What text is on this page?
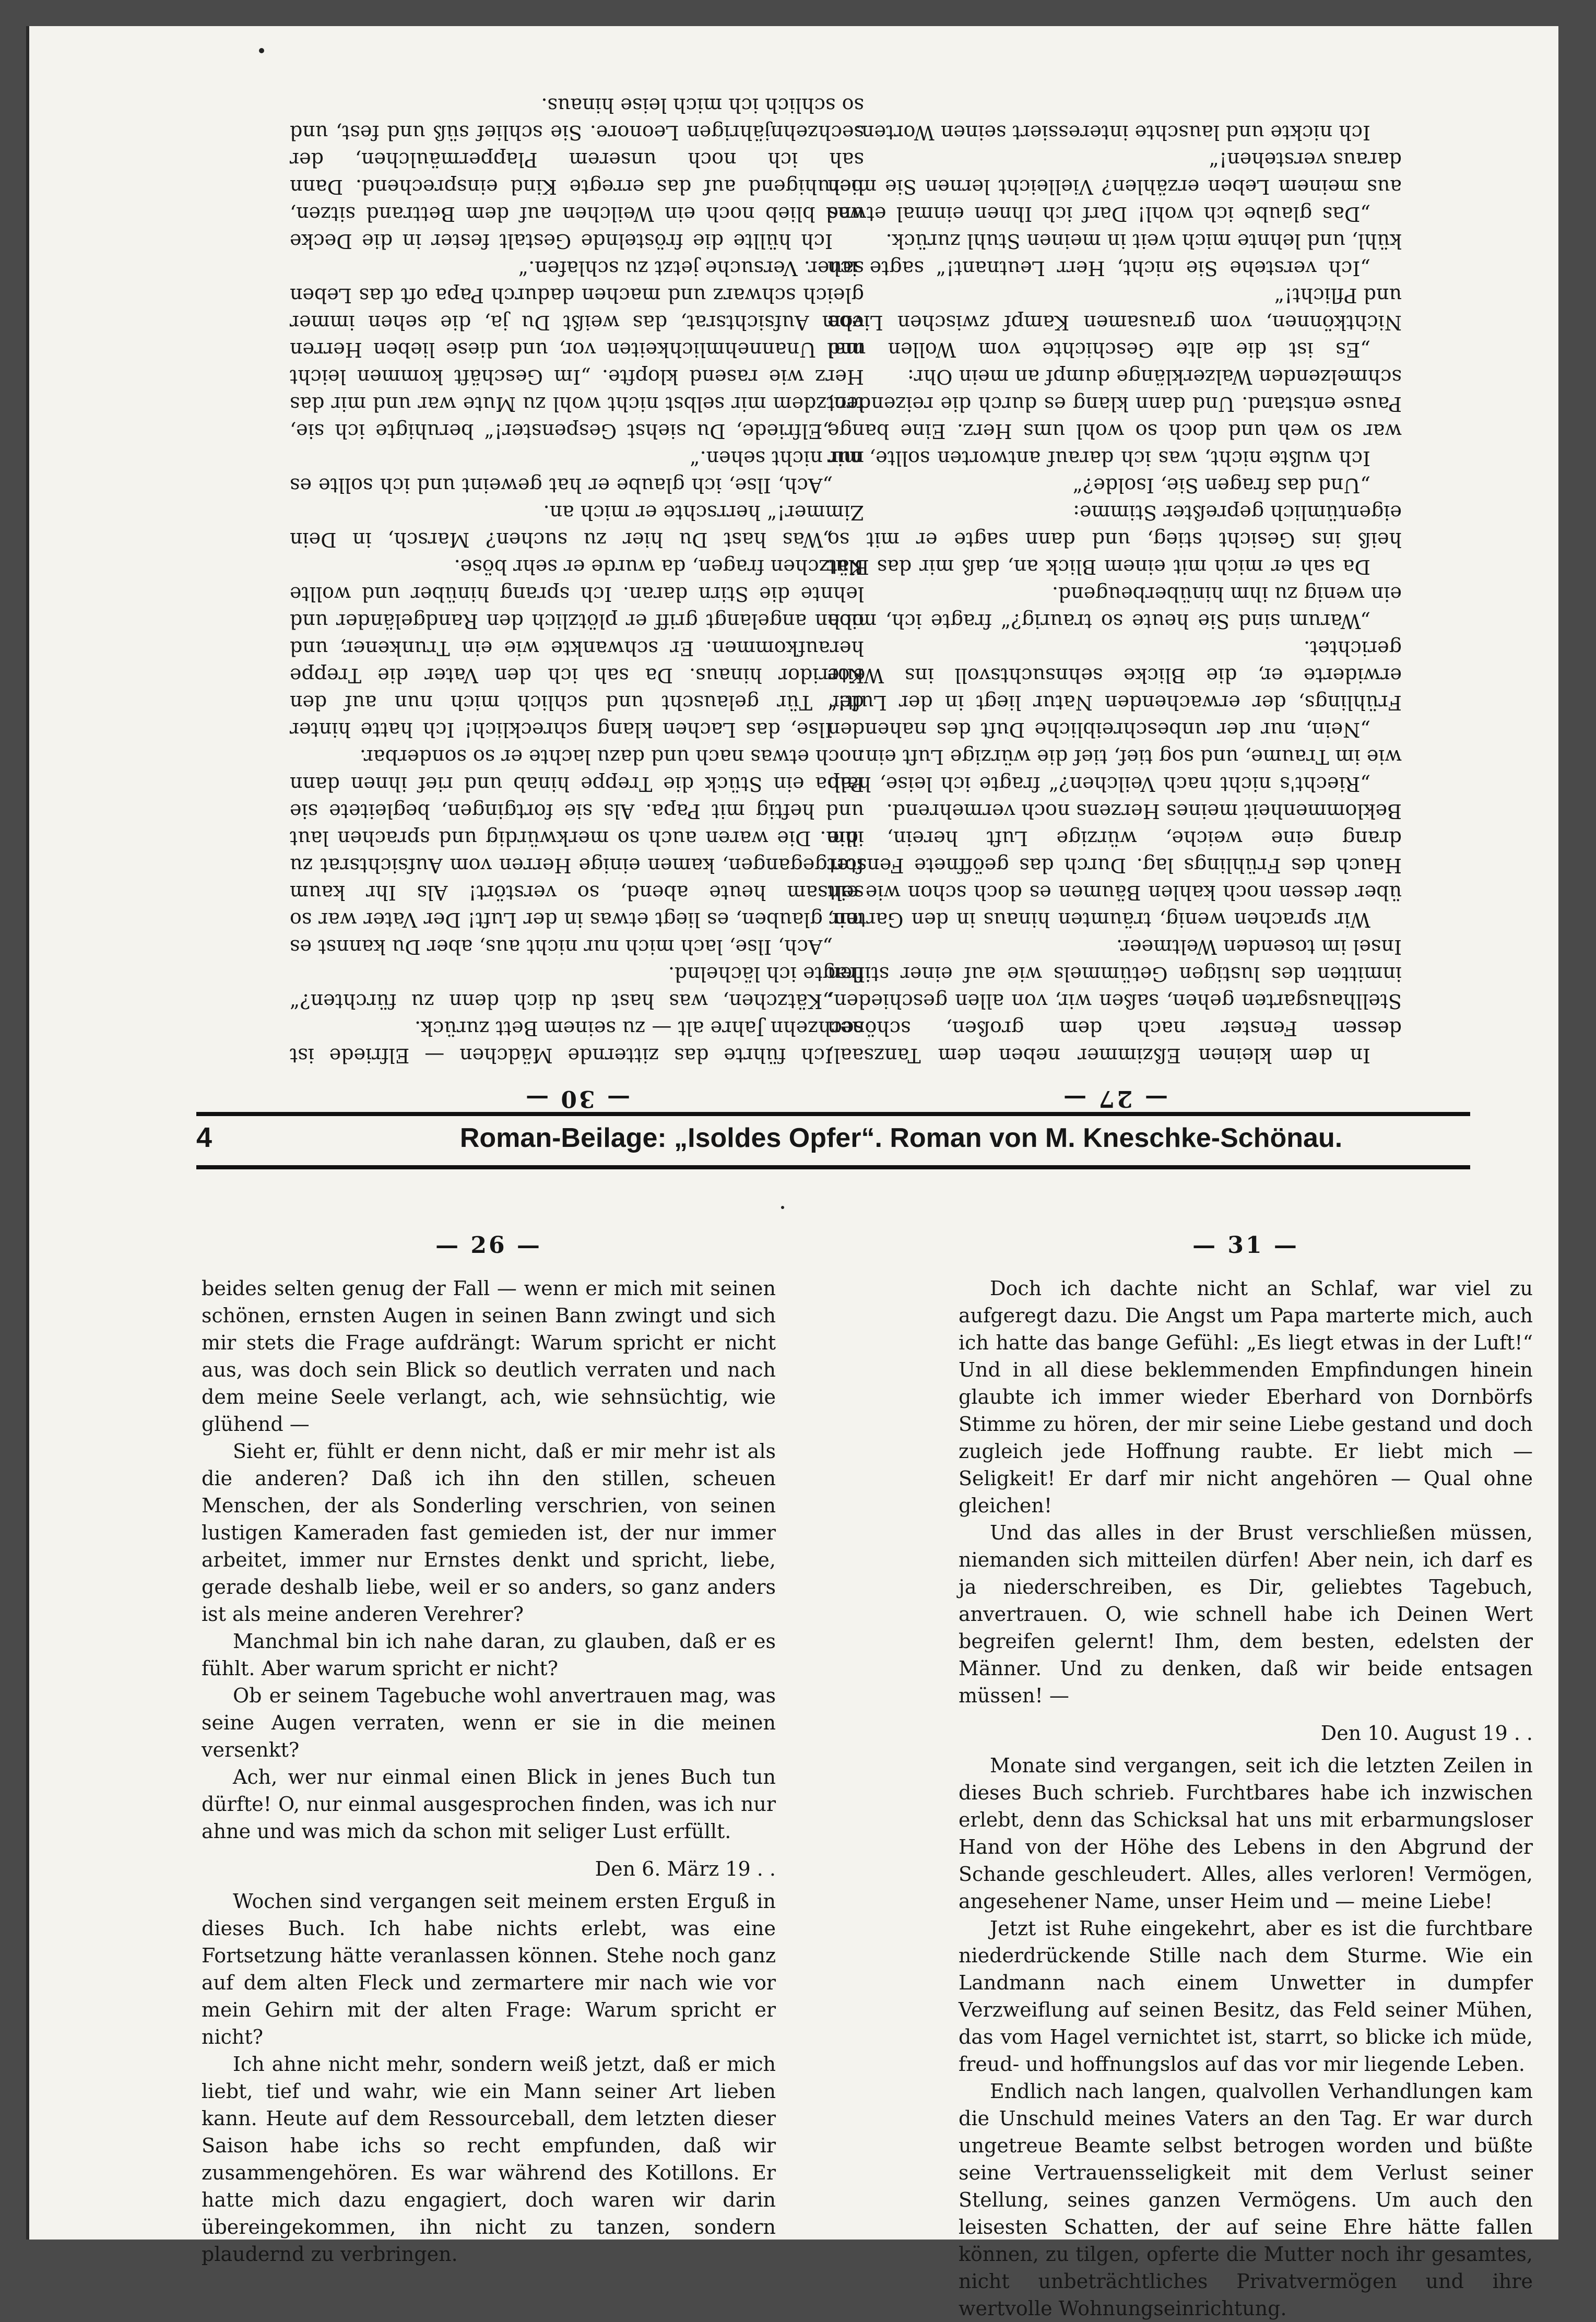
— 30 —

Ich führte das zitternde Mädchen — Elfriede ist sechzehn Jahre alt — zu seinem Bett zurück.

„Kätzchen, was hast du dich denn zu fürchten?“ fragte ich lächelnd.

„Ach, Ilse, lach mich nur nicht aus, aber Du kannst es mir glauben, es liegt etwas in der Luft! Der Vater war so seltsam heute abend, so verstört! Als Ihr kaum fortgegangen, kamen einige Herren vom Aufsichtsrat zu ihm. Die waren auch so merkwürdig und sprachen laut und heftig mit Papa. Als sie fortgingen, begleitete sie Papa ein Stück die Treppe hinab und rief ihnen dann noch etwas nach und dazu lachte er so sonderbar.

Ilse, das Lachen klang schrecklich! Ich hatte hinter der Tür gelauscht und schlich mich nun auf den Korridor hinaus. Da sah ich den Vater die Treppe heraufkommen. Er schwankte wie ein Trunkener, und oben angelangt griff er plötzlich den Randgeländer und lehnte die Stirn daran. Ich sprang hinüber und wollte Kätzchen fragen, da wurde er sehr böse.

„Was hast Du hier zu suchen? Marsch, in Dein Zimmer!“ herrschte er mich an.

„Ach, Ilse, ich glaube er hat geweint und ich sollte es nur nicht sehen.“

„Elfriede, Du siehst Gespenster!“ beruhigte ich sie, trotzdem mir selbst nicht wohl zu Mute war und mir das Herz wie rasend klopfte. „Im Geschäft kommen leicht mal Unannehmlichkeiten vor, und diese lieben Herren vom Aufsichtsrat, das weißt Du ja, die sehen immer gleich schwarz und machen dadurch Papa oft das Leben sauer. Versuche jetzt zu schlafen.“

Ich hüllte die fröstelnde Gestalt fester in die Decke und blieb noch ein Weilchen auf dem Bettrand sitzen, beruhigend auf das erregte Kind einsprechend. Dann sah ich noch unserem Plappermäulchen, der sechzehnjährigen Leonore. Sie schlief süß und fest, und so schlich ich mich leise hinaus.

— 27 —

In dem kleinen Eßzimmer neben dem Tanzsaal, dessen Fenster nach dem großen, schönen Stellhausgarten gehen, saßen wir, von allen geschieden, inmitten des lustigen Getümmels wie auf einer stillen Insel im tosenden Weltmeer.

Wir sprachen wenig, träumten hinaus in den Garten, über dessen noch kahlen Bäumen es doch schon wie ein Hauch des Frühlings lag. Durch das geöffnete Fenster drang eine weiche, würzige Luft herein, die Beklommenheit meines Herzens noch vermehrend.

„Riecht's nicht nach Veilchen?“ fragte ich leise, halb wie im Traume, und sog tief, tief die würzige Luft ein.

„Nein, nur der unbeschreibliche Duft des nahenden Frühlings, der erwachenden Natur liegt in der Luft!“ erwiderte er, die Blicke sehnsuchtsvoll ins Weite gerichtet.

„Warum sind Sie heute so traurig?“ fragte ich, mich ein wenig zu ihm hinüberbeugend.

Da sah er mich mit einem Blick an, daß mir das Blut heiß ins Gesicht stieg, und dann sagte er mit so eigentümlich gepreßter Stimme:

„Und das fragen Sie, Isolde?“

Ich wußte nicht, was ich darauf antworten sollte, mir war so weh und doch so wohl ums Herz. Eine bange Pause entstand. Und dann klang es durch die reizenden, schmelzenden Walzerklänge dumpf an mein Ohr:

„Es ist die alte Geschichte vom Wollen und Nichtkönnen, vom grausamen Kampf zwischen Liebe und Pflicht!“

„Ich verstehe Sie nicht, Herr Leutnant!“ sagte ich kühl, und lehnte mich weit in meinen Stuhl zurück.

„Das glaube ich wohl! Darf ich Ihnen einmal etwas aus meinem Leben erzählen? Vielleicht lernen Sie mich daraus verstehen!“

Ich nickte und lauschte interessiert seinen Worten.

4	Roman-Beilage: „Isoldes Opfer“. Roman von M. Kneschke-Schönau.
— 26 —

beides selten genug der Fall — wenn er mich mit seinen schönen, ernsten Augen in seinen Bann zwingt und sich mir stets die Frage aufdrängt: Warum spricht er nicht aus, was doch sein Blick so deutlich verraten und nach dem meine Seele verlangt, ach, wie sehnsüchtig, wie glühend —

Sieht er, fühlt er denn nicht, daß er mir mehr ist als die anderen? Daß ich ihn den stillen, scheuen Menschen, der als Sonderling verschrien, von seinen lustigen Kameraden fast gemieden ist, der nur immer arbeitet, immer nur Ernstes denkt und spricht, liebe, gerade deshalb liebe, weil er so anders, so ganz anders ist als meine anderen Verehrer?

Manchmal bin ich nahe daran, zu glauben, daß er es fühlt. Aber warum spricht er nicht?

Ob er seinem Tagebuche wohl anvertrauen mag, was seine Augen verraten, wenn er sie in die meinen versenkt?

Ach, wer nur einmal einen Blick in jenes Buch tun dürfte! O, nur einmal ausgesprochen finden, was ich nur ahne und was mich da schon mit seliger Lust erfüllt.

Den 6. März 19 . .

Wochen sind vergangen seit meinem ersten Erguß in dieses Buch. Ich habe nichts erlebt, was eine Fortsetzung hätte veranlassen können. Stehe noch ganz auf dem alten Fleck und zermartere mir nach wie vor mein Gehirn mit der alten Frage: Warum spricht er nicht?

Ich ahne nicht mehr, sondern weiß jetzt, daß er mich liebt, tief und wahr, wie ein Mann seiner Art lieben kann. Heute auf dem Ressourceball, dem letzten dieser Saison habe ichs so recht empfunden, daß wir zusammengehören. Es war während des Kotillons. Er hatte mich dazu engagiert, doch waren wir darin übereingekommen, ihn nicht zu tanzen, sondern plaudernd zu verbringen.

— 31 —

Doch ich dachte nicht an Schlaf, war viel zu aufgeregt dazu. Die Angst um Papa marterte mich, auch ich hatte das bange Gefühl: „Es liegt etwas in der Luft!“ Und in all diese beklemmenden Empfindungen hinein glaubte ich immer wieder Eberhard von Dornbörfs Stimme zu hören, der mir seine Liebe gestand und doch zugleich jede Hoffnung raubte. Er liebt mich — Seligkeit! Er darf mir nicht angehören — Qual ohne gleichen!

Und das alles in der Brust verschließen müssen, niemanden sich mitteilen dürfen! Aber nein, ich darf es ja niederschreiben, es Dir, geliebtes Tagebuch, anvertrauen. O, wie schnell habe ich Deinen Wert begreifen gelernt! Ihm, dem besten, edelsten der Männer. Und zu denken, daß wir beide entsagen müssen! —

Den 10. August 19 . .

Monate sind vergangen, seit ich die letzten Zeilen in dieses Buch schrieb. Furchtbares habe ich inzwischen erlebt, denn das Schicksal hat uns mit erbarmungsloser Hand von der Höhe des Lebens in den Abgrund der Schande geschleudert. Alles, alles verloren! Vermögen, angesehener Name, unser Heim und — meine Liebe!

Jetzt ist Ruhe eingekehrt, aber es ist die furchtbare niederdrückende Stille nach dem Sturme. Wie ein Landmann nach einem Unwetter in dumpfer Verzweiflung auf seinen Besitz, das Feld seiner Mühen, das vom Hagel vernichtet ist, starrt, so blicke ich müde, freud- und hoffnungslos auf das vor mir liegende Leben.

Endlich nach langen, qualvollen Verhandlungen kam die Unschuld meines Vaters an den Tag. Er war durch ungetreue Beamte selbst betrogen worden und büßte seine Vertrauensseligkeit mit dem Verlust seiner Stellung, seines ganzen Vermögens. Um auch den leisesten Schatten, der auf seine Ehre hätte fallen können, zu tilgen, opferte die Mutter noch ihr gesamtes, nicht unbeträchtliches Privatvermögen und ihre wertvolle Wohnungseinrichtung.
